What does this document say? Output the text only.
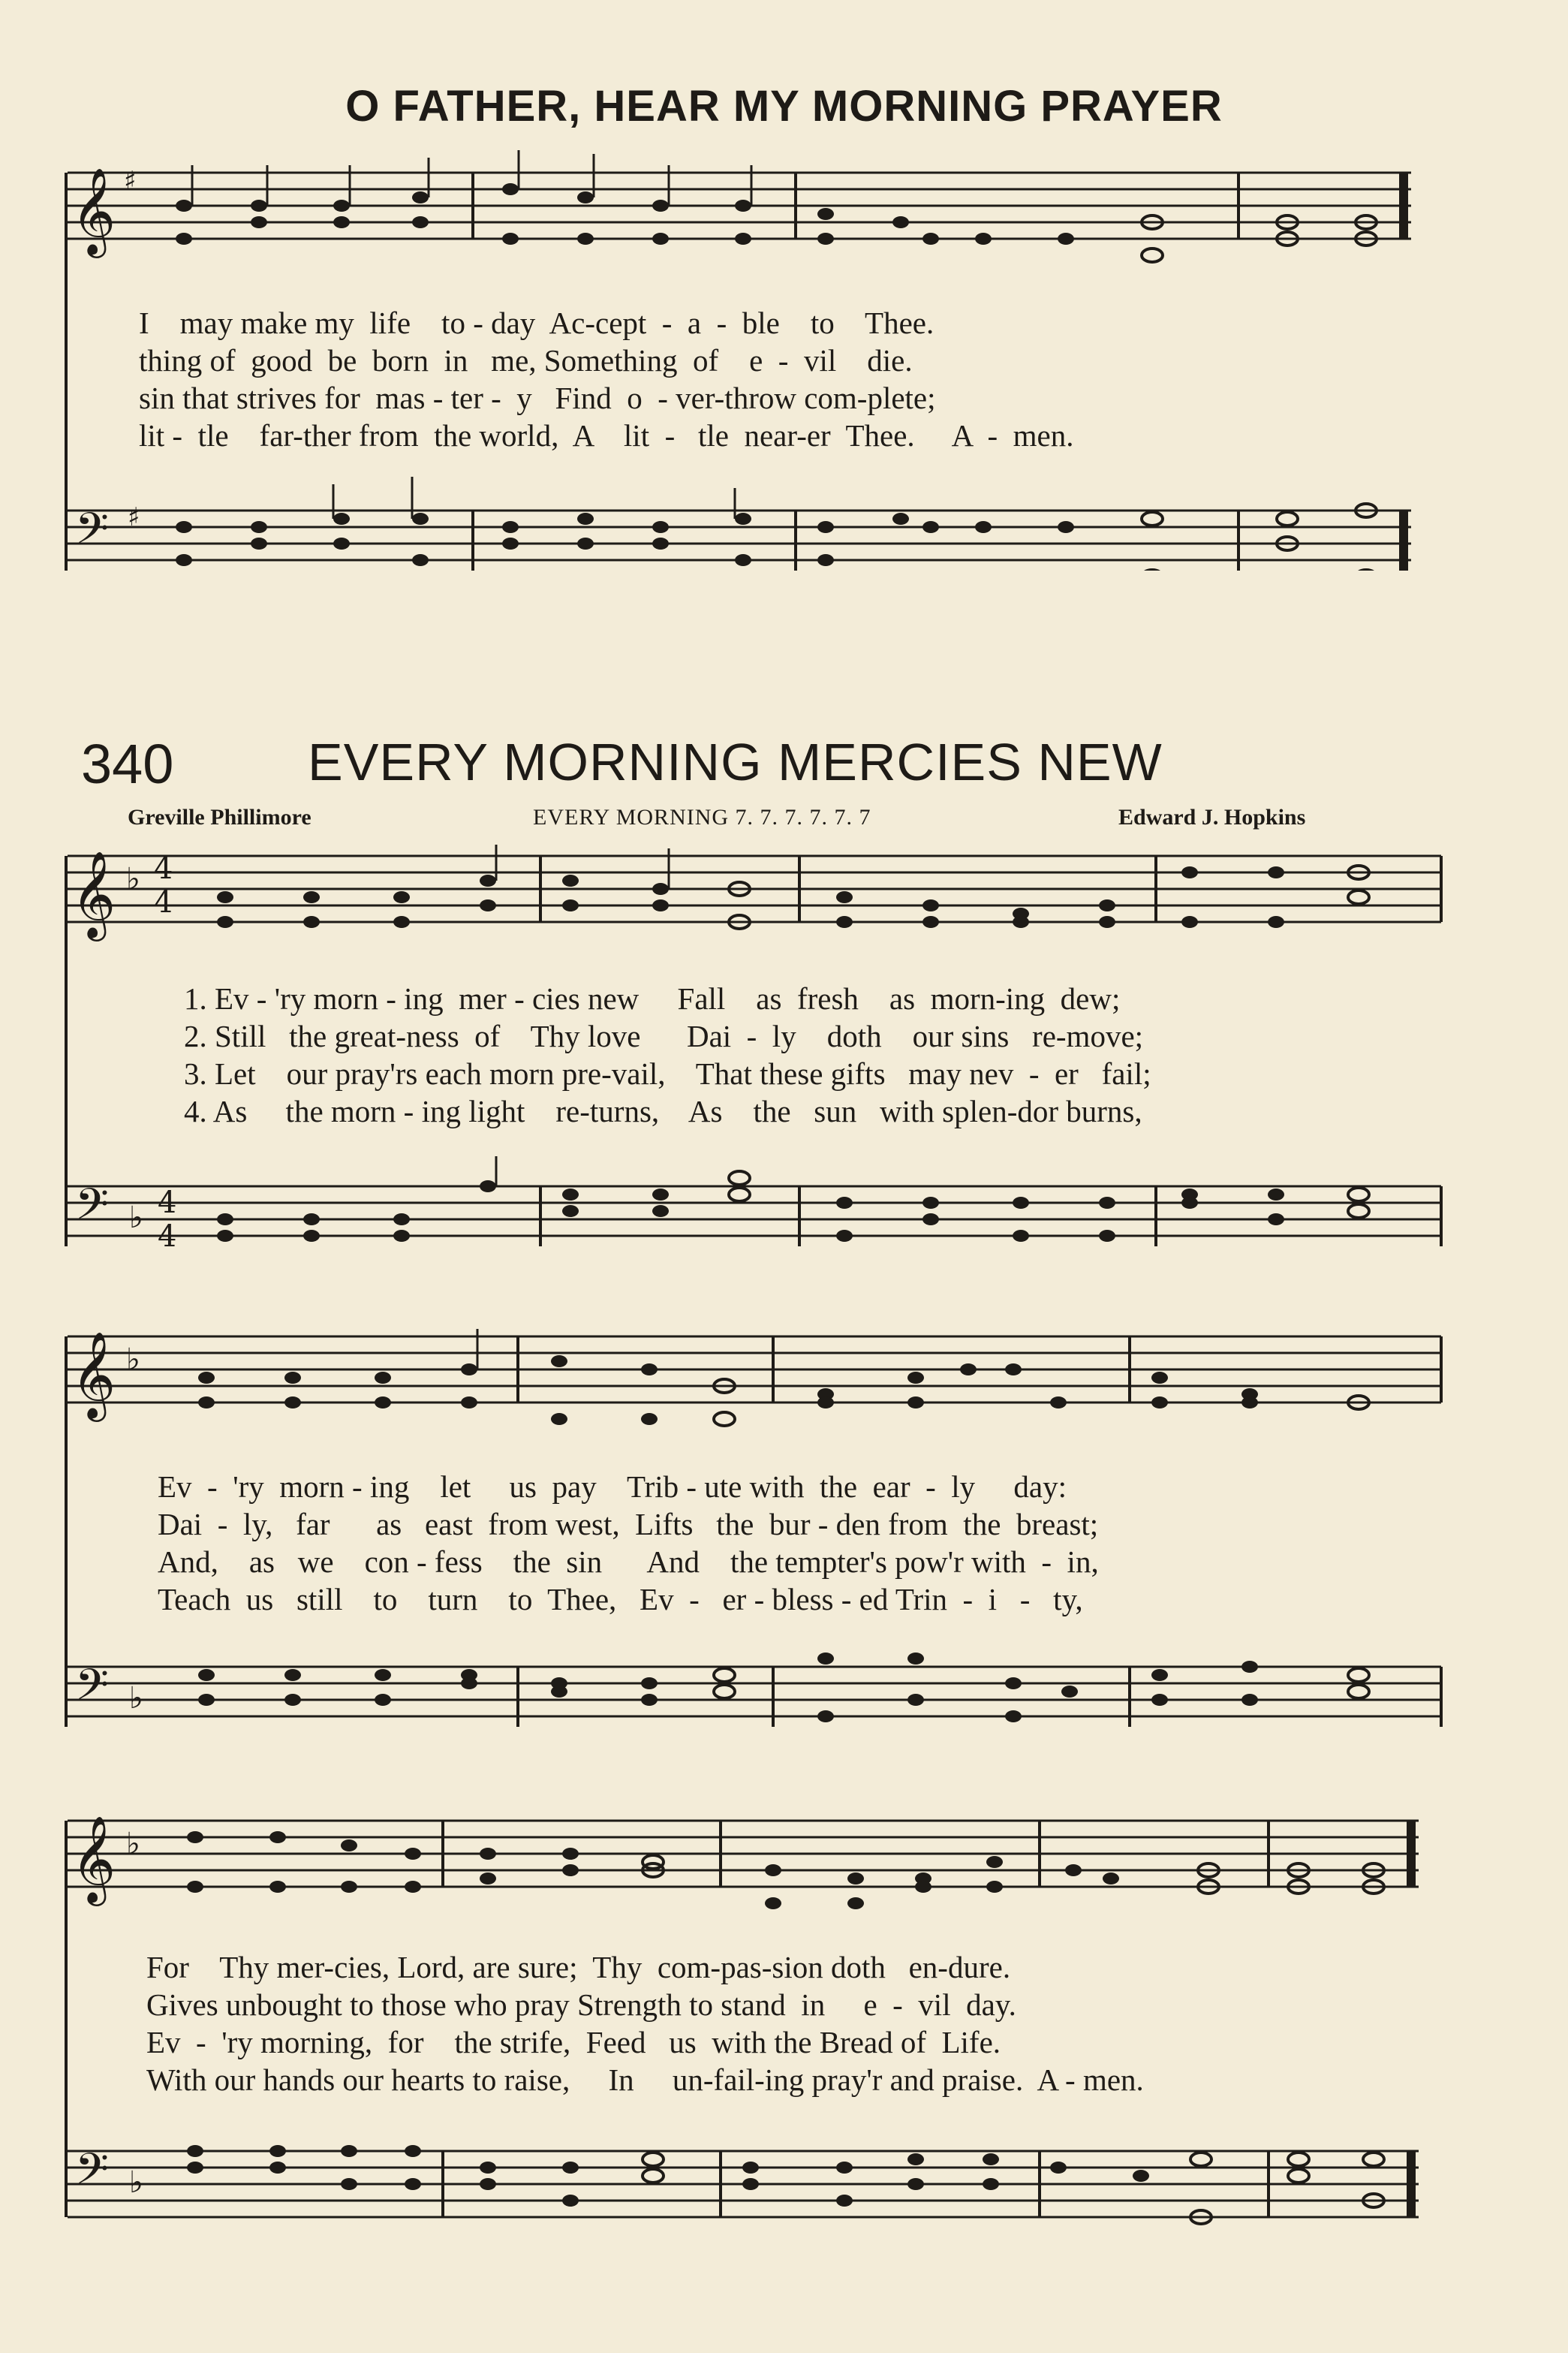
O FATHER, HEAR MY MORNING PRAYER
𝄞 ♯
𝄢 ♯
I    may make my  life    to - day  Ac-cept  -  a  -  ble    to    Thee.
thing of  good  be  born  in   me, Something  of    e  -  vil    die.
sin that strives for  mas - ter -  y   Find  o  - ver-throw com-plete;
lit -  tle    far-ther from  the world,  A    lit  -   tle  near-er  Thee.     A  -  men.
340	EVERY MORNING MERCIES NEW
Greville Phillimore	EVERY MORNING 7. 7. 7. 7. 7. 7	Edward J. Hopkins
𝄞 ♭ 4
4
𝄢 ♭ 4
4
1. Ev - 'ry morn - ing  mer - cies new     Fall    as  fresh    as  morn-ing  dew;
2. Still   the great-ness  of    Thy love      Dai  -  ly    doth    our sins   re-move;
3. Let    our pray'rs each morn pre-vail,    That these gifts   may nev  -  er   fail;
4. As     the morn - ing light    re-turns,    As    the   sun   with splen-dor burns,
𝄞 ♭
𝄢 ♭
Ev  -  'ry  morn - ing    let     us  pay    Trib - ute with  the  ear  -  ly     day:
Dai  -  ly,   far      as   east  from west,  Lifts   the  bur - den from  the  breast;
And,    as   we    con - fess    the  sin      And    the tempter's pow'r with  -  in,
Teach  us   still    to    turn    to  Thee,   Ev  -   er - bless - ed Trin  -  i   -   ty,
𝄞 ♭
𝄢 ♭
For    Thy mer-cies, Lord, are sure;  Thy  com-pas-sion doth   en-dure.
Gives unbought to those who pray Strength to stand  in     e  -  vil  day.
Ev  -  'ry morning,  for    the strife,  Feed   us  with the Bread of  Life.
With our hands our hearts to raise,     In     un-fail-ing pray'r and praise.  A - men.
